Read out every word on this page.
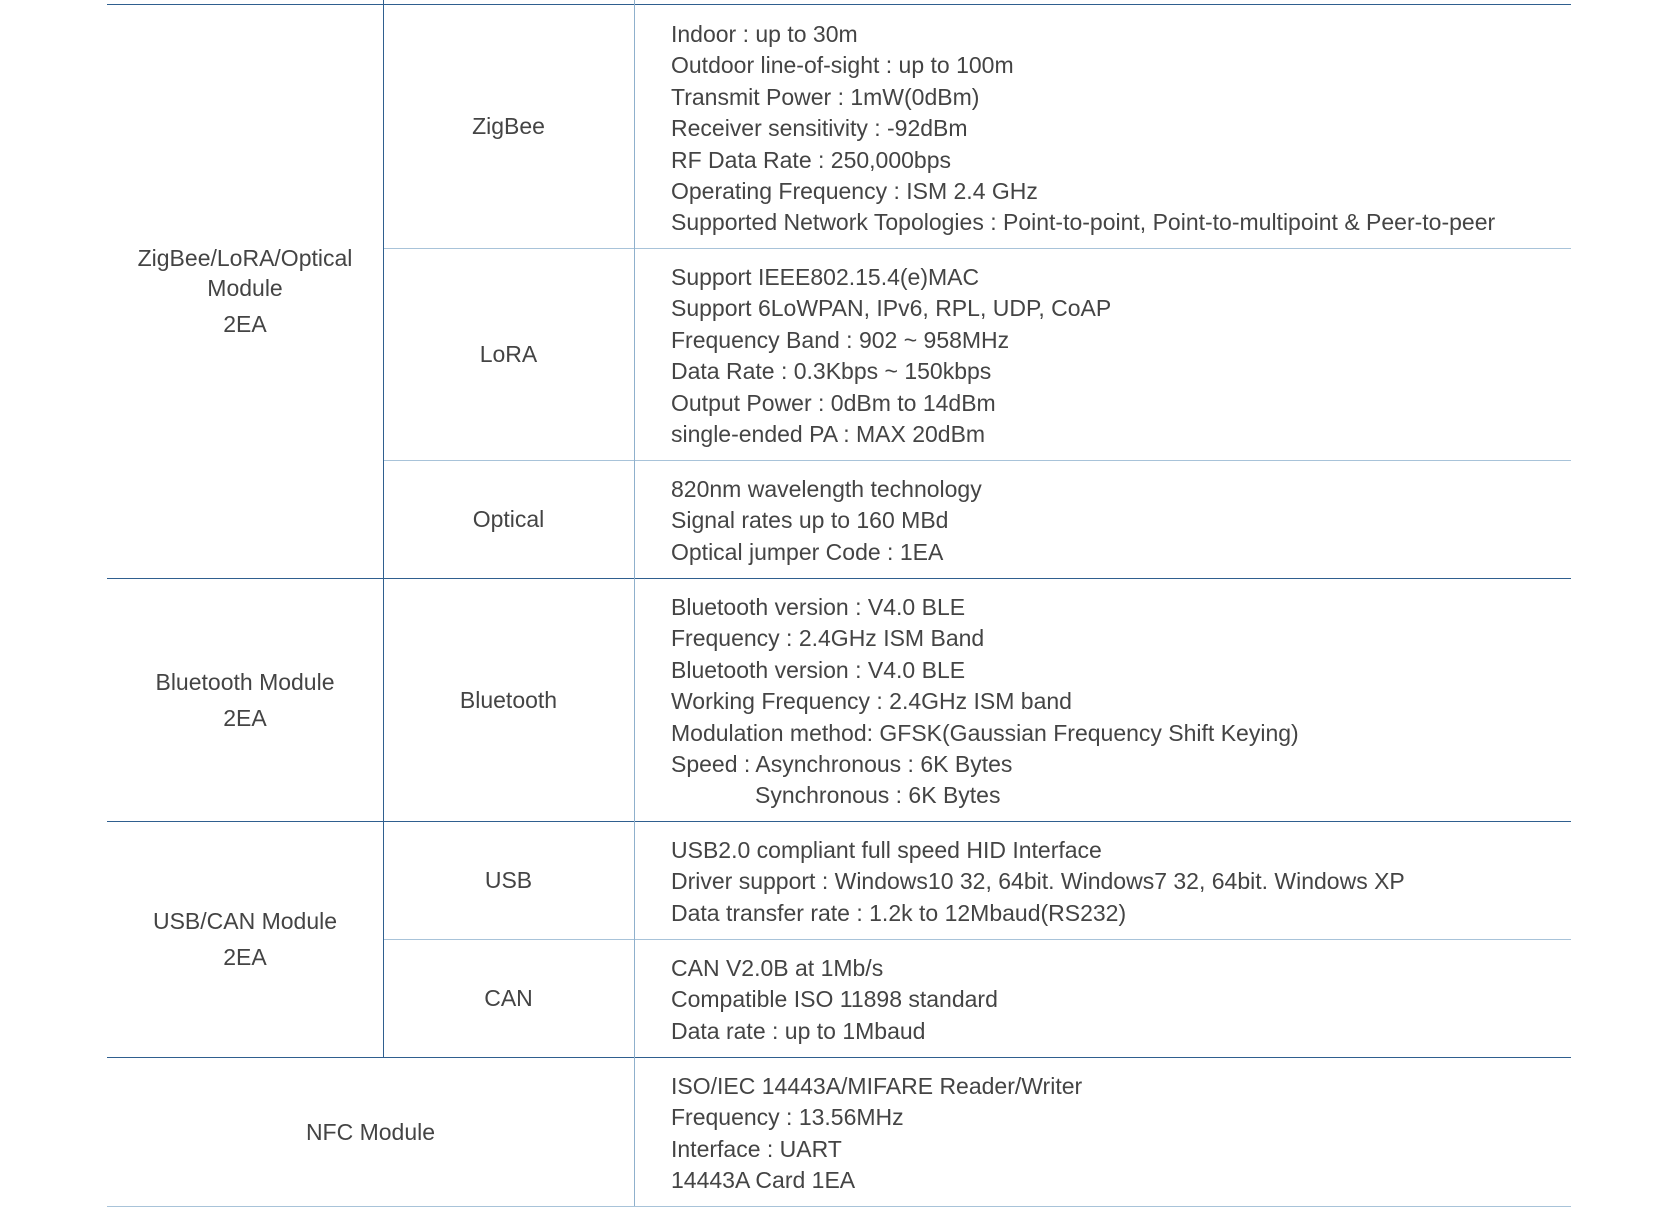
ZigBee/LoRA/Optical
Module
2EA
ZigBee
Indoor : up to 30m
Outdoor line-of-sight : up to 100m
Transmit Power : 1mW(0dBm)
Receiver sensitivity : -92dBm
RF Data Rate : 250,000bps
Operating Frequency : ISM 2.4 GHz
Supported Network Topologies : Point-to-point, Point-to-multipoint & Peer-to-peer
LoRA
Support IEEE802.15.4(e)MAC
Support 6LoWPAN, IPv6, RPL, UDP, CoAP
Frequency Band : 902 ~ 958MHz
Data Rate : 0.3Kbps ~ 150kbps
Output Power : 0dBm to 14dBm
single-ended PA : MAX 20dBm
Optical
820nm wavelength technology
Signal rates up to 160 MBd
Optical jumper Code : 1EA
Bluetooth Module
2EA
Bluetooth
Bluetooth version : V4.0 BLE
Frequency : 2.4GHz ISM Band
Bluetooth version : V4.0 BLE
Working Frequency : 2.4GHz ISM band
Modulation method: GFSK(Gaussian Frequency Shift Keying)
Speed : Asynchronous : 6K Bytes
Synchronous : 6K Bytes
USB/CAN Module
2EA
USB
USB2.0 compliant full speed HID Interface
Driver support : Windows10 32, 64bit. Windows7 32, 64bit. Windows XP
Data transfer rate : 1.2k to 12Mbaud(RS232)
CAN
CAN V2.0B at 1Mb/s
Compatible ISO 11898 standard
Data rate : up to 1Mbaud
NFC Module
ISO/IEC 14443A/MIFARE Reader/Writer
Frequency : 13.56MHz
Interface : UART
14443A Card 1EA
